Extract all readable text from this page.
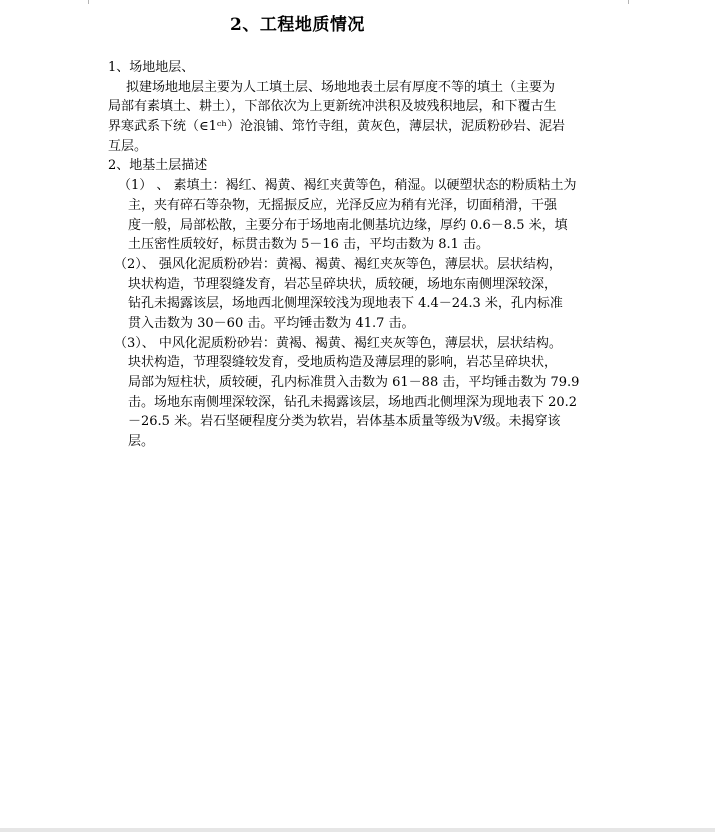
2、工程地质情况
1、场地地层、
拟建场地地层主要为人工填土层、场地地表土层有厚度不等的填土（主要为
局部有素填土、耕土），下部依次为上更新统冲洪积及坡残积地层，和下覆古生
界寒武系下统（∈1ᶜʰ）沧浪铺、筇竹寺组，黄灰色，薄层状，泥质粉砂岩、泥岩
互层。
2、地基土层描述
（1） 、 素填土：褐红、褐黄、褐红夹黄等色，稍湿。以硬塑状态的粉质粘土为
主，夹有碎石等杂物，无摇振反应，光泽反应为稍有光泽，切面稍滑，干强
度一般，局部松散，主要分布于场地南北侧基坑边缘，厚约 0.6－8.5 米，填
土压密性质较好，标贯击数为 5－16 击，平均击数为 8.1 击。
（2）、 强风化泥质粉砂岩：黄褐、褐黄、褐红夹灰等色，薄层状。层状结构，
块状构造，节理裂缝发育，岩芯呈碎块状，质较硬，场地东南侧埋深较深，
钻孔未揭露该层，场地西北侧埋深较浅为现地表下 4.4－24.3 米，孔内标准
贯入击数为 30－60 击。平均锤击数为 41.7 击。
（3）、 中风化泥质粉砂岩：黄褐、褐黄、褐红夹灰等色，薄层状，层状结构。
块状构造，节理裂缝较发育，受地质构造及薄层理的影响，岩芯呈碎块状，
局部为短柱状，质较硬，孔内标准贯入击数为 61－88 击，平均锤击数为 79.9
击。场地东南侧埋深较深，钻孔未揭露该层，场地西北侧埋深为现地表下 20.2
－26.5 米。岩石坚硬程度分类为软岩，岩体基本质量等级为Ⅴ级。未揭穿该
层。
